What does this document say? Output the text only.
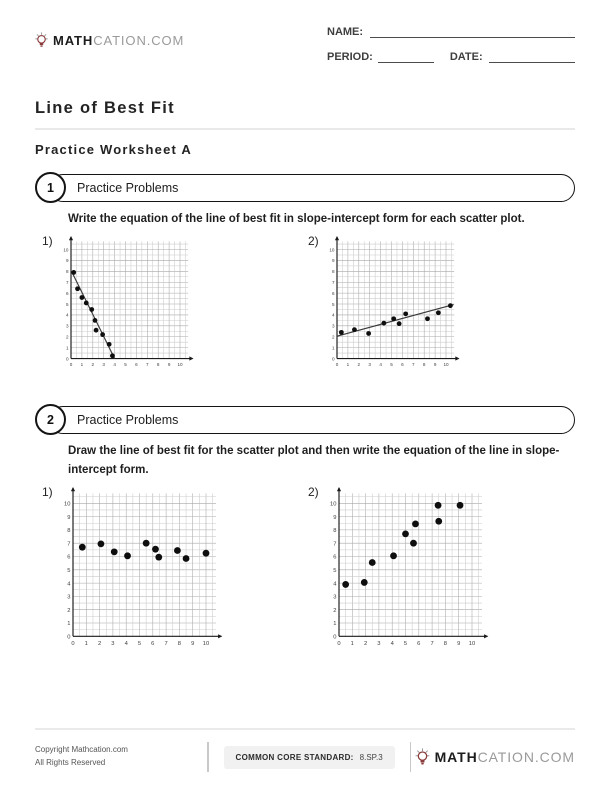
MATHCATION.COM
NAME:
PERIOD:	DATE:
Line of Best Fit
Practice Worksheet A
1	Practice Problems
Write the equation of the line of best fit in slope-intercept form for each scatter plot.
1)
0
0
1
1
2
2
3
3
4
4
5
5
6
6
7
7
8
8
9
9
10
10
2)
0
0
1
1
2
2
3
3
4
4
5
5
6
6
7
7
8
8
9
9
10
10
2	Practice Problems
Draw the line of best fit for the scatter plot and then write the equation of the line in slope-intercept form.
1)
0
0
1
1
2
2
3
3
4
4
5
5
6
6
7
7
8
8
9
9
10
10
2)
0
0
1
1
2
2
3
3
4
4
5
5
6
6
7
7
8
8
9
9
10
10
Copyright Mathcation.com
All Rights Reserved
COMMON CORE STANDARD: 8.SP.3	MATHCATION.COM
